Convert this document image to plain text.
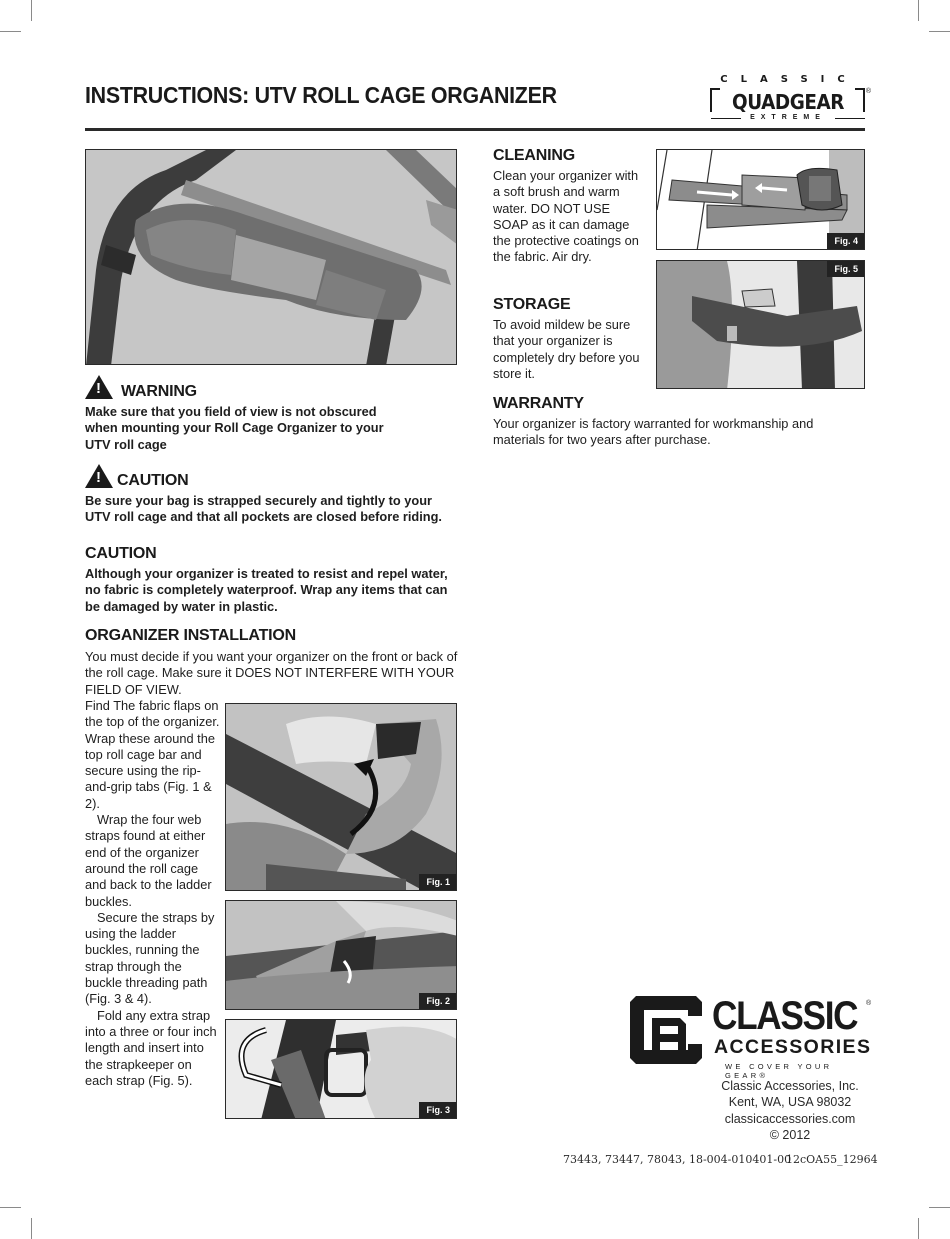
INSTRUCTIONS: UTV ROLL CAGE ORGANIZER
CLASSIC
QUADGEAR
EXTREME
®
! WARNING
Make sure that you field of view is not obscured when mounting your Roll Cage Organizer to your UTV roll cage
! CAUTION
Be sure your bag is strapped securely and tightly to your UTV roll cage and that all pockets are closed before riding.
CAUTION
Although your organizer is treated to resist and repel water, no fabric is completely waterproof. Wrap any items that can be damaged by water in plastic.
ORGANIZER INSTALLATION
You must decide if you want your organizer on the front or back of the roll cage. Make sure it DOES NOT INTERFERE WITH YOUR FIELD OF VIEW.

Find The fabric flaps on the top of the organizer. Wrap these around the top roll cage bar and secure using the rip-and-grip tabs (Fig. 1 & 2).

Wrap the four web straps found at either end of the organizer around the roll cage and back to the ladder buckles.

Secure the straps by using the ladder buckles, running the strap through the buckle threading path (Fig. 3 & 4).

Fold any extra strap into a three or four inch length and insert into the strapkeeper on each strap (Fig. 5).

Fig. 1
Fig. 2
Fig. 3
CLEANING
Clean your organizer with a soft brush and warm water. DO NOT USE SOAP as it can damage the protective coatings on the fabric. Air dry.
STORAGE
To avoid mildew be sure that your organizer is completely dry before you store it.
WARRANTY
Your organizer is factory warranted for workmanship and materials for two years after purchase.
Fig. 4
Fig. 5
CLASSIC ®
ACCESSORIES
WE COVER YOUR GEAR®
Classic Accessories, Inc.
Kent, WA, USA 98032
classicaccessories.com
© 2012
73443, 73447, 78043, 18-004-010401-00
12cOA55_12964
